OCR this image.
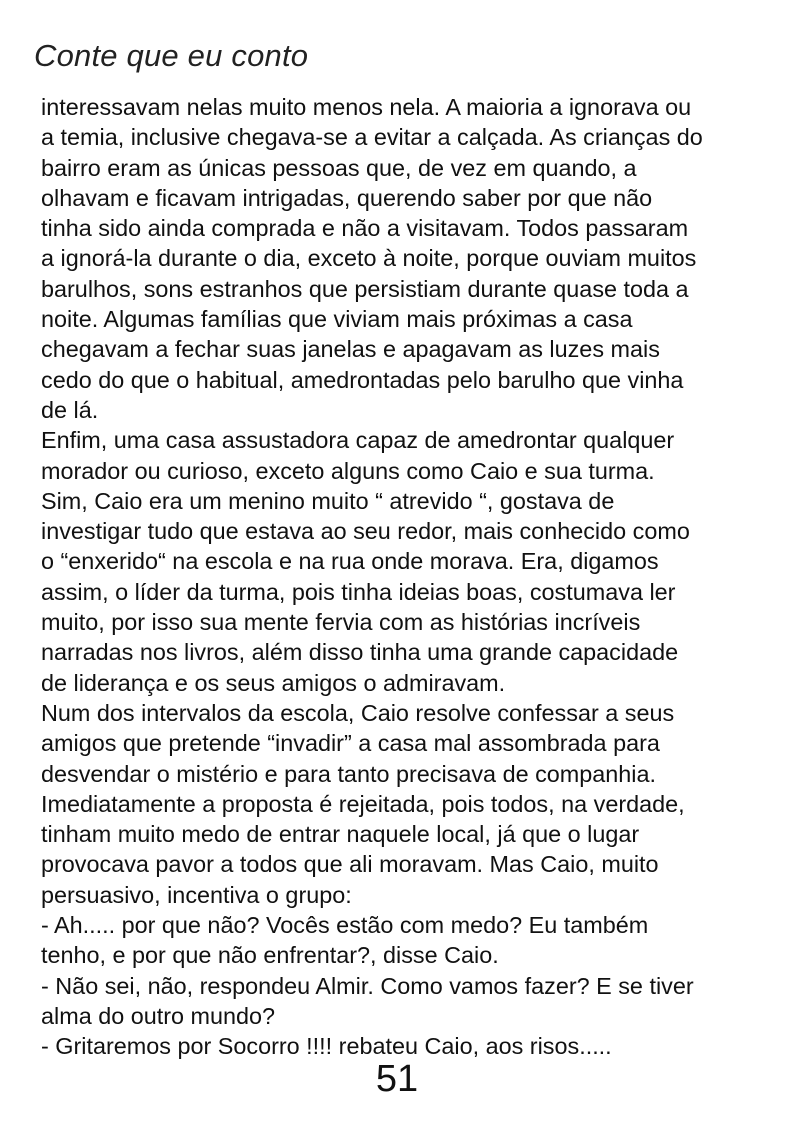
Conte que eu conto
interessavam nelas muito menos nela. A maioria a ignorava ou
a temia, inclusive chegava-se a evitar a calçada. As crianças do
bairro eram as únicas pessoas que, de vez em quando, a
olhavam e ficavam intrigadas, querendo saber por que não
tinha sido ainda comprada e não a visitavam. Todos passaram
a ignorá-la durante o dia, exceto à noite, porque ouviam muitos
barulhos, sons estranhos que persistiam durante quase toda a
noite. Algumas famílias que viviam mais próximas a casa
chegavam a fechar suas janelas e apagavam as luzes mais
cedo do que o habitual, amedrontadas pelo barulho que vinha
de lá.
Enfim, uma casa assustadora capaz de amedrontar qualquer
morador ou curioso, exceto alguns como Caio e sua turma.
Sim, Caio era um menino muito “ atrevido “, gostava de
investigar tudo que estava ao seu redor, mais conhecido como
o “enxerido“ na escola e na rua onde morava. Era, digamos
assim, o líder da turma, pois tinha ideias boas, costumava ler
muito, por isso sua mente fervia com as histórias incríveis
narradas nos livros, além disso tinha uma grande capacidade
de liderança e os seus amigos o admiravam.
Num dos intervalos da escola, Caio resolve confessar a seus
amigos que pretende “invadir” a casa mal assombrada para
desvendar o mistério e para tanto precisava de companhia.
Imediatamente a proposta é rejeitada, pois todos, na verdade,
tinham muito medo de entrar naquele local, já que o lugar
provocava pavor a todos que ali moravam. Mas Caio, muito
persuasivo, incentiva o grupo:
- Ah..... por que não? Vocês estão com medo? Eu também
tenho, e por que não enfrentar?, disse Caio.
- Não sei, não, respondeu Almir. Como vamos fazer? E se tiver
alma do outro mundo?
- Gritaremos por Socorro !!!! rebateu Caio, aos risos.....
51
